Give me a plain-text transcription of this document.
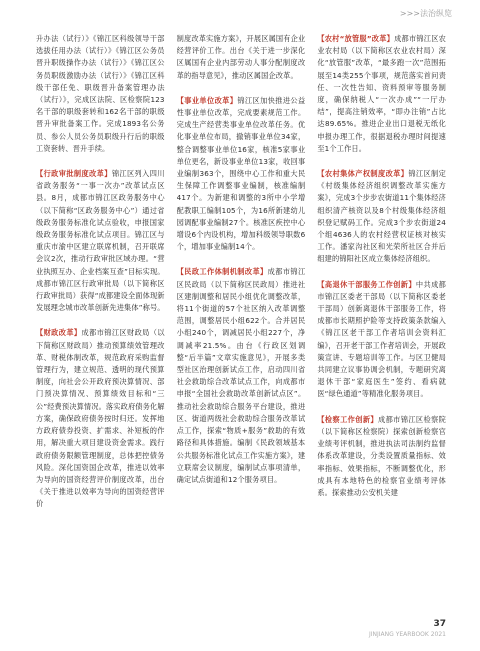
>>>法治纵览

升办法（试行）》《锦江区科级领导干部选拔任用办法（试行）》《锦江区公务员晋升职级操作办法（试行）》《锦江区公务员职级激励办法（试行）》《锦江区科级干部任免、职级晋升备案管理办法（试行）》，完成区法院、区检察院123名干部的职级套转和162名干部的职级晋升审批备案工作。完成1893名公务员、参公人员公务员职级升行后的职级工资套转、晋升手续。

【行政审批制度改革】锦江区列入四川省政务服务“一事一次办”改革试点区县。8月，成都市锦江区政务服务中心（以下简称“区政务服务中心”）通过省级政务服务标准化试点验收，申报国家级政务服务标准化试点项目。锦江区与重庆市渝中区建立联席机制，召开联席会议2次，推动行政审批区域办理。“营业执照互办、企业档案互查”目标实现。成都市锦江区行政审批局（以下简称区行政审批局）获得“成都建设全面体现新发展理念城市改革创新先进集体”称号。

【财政改革】成都市锦江区财政局（以下简称区财政局）推动预算绩效管理改革、财税体制改革，规范政府采购监督管理行为，建立规范、透明的现代预算制度，向社会公开政府预决算情况、部门预决算情况、预算绩效目标和“三公”经费预决算情况。落实政府债务化解方案，确保政府债务按时归还。发挥地方政府债券投资、扩需求、补短板的作用，解决重大项目建设资金需求。践行政府债务限额管理制度，总体把控债务风险。深化国资国企改革，推进以效率为导向的国资经营评价制度改革，出台《关于推进以效率为导向的国资经营评价

制度改革实施方案》，开展区属国有企业经营评价工作。出台《关于进一步深化区属国有企业内部劳动人事分配制度改革的指导意见》，推动区属国企改革。

【事业单位改革】锦江区加快推进公益性事业单位改革，完成要素规范工作。完成生产经营类事业单位改革任务。优化事业单位布局，撤销事业单位34家，整合调整事业单位16家，核准5家事业单位更名，新设事业单位13家，收回事业编制363个，围绕中心工作和重大民生保障工作调整事业编制，核准编制417个。为新建和调整的3所中小学增配教职工编制105个，为16所新建幼儿园调配事业编制27个。核准区疾控中心增设6个内设机构，增加科级领导职数6个，增加事业编制14个。

【民政工作体制机制改革】成都市锦江区民政局（以下简称区民政局）推进社区建制调整和居民小组优化调整改革，将11个街道的57个社区纳入改革调整范围，调整居民小组622个。合并居民小组240个，调减居民小组227个，净调减率21.5%。由台《行政区划调整“后半篇”文章实施意见》，开展多类型社区治理创新试点工作，启动四川省社会救助综合改革试点工作，向成都市申报“全国社会救助改革创新试点区”。推动社会救助综合服务平台建设，推进区、街道两级社会救助综合服务改革试点工作，探索“物质+服务”救助的有效路径和具体措施。编制《民政领域基本公共服务标准化试点工作实施方案》，建立联席会议制度，编制试点事项清单，确定试点街道和12个服务项目。

【农村“放管服”改革】成都市锦江区农业农村局（以下简称区农业农村局）深化“放管服”改革，“最多跑一次”范围拓展至14类255个事项，规范落实首问责任、一次性告知、资料预审等服务制度，确保纳税人“一次办成”“一厅办结”，提高注销效率，“即办注销”占比达89.65%。推进企业出口退税无纸化申报办理工作，很据退税办理时间提速至1个工作日。

【农村集体产权制度改革】锦江区制定《村级集体经济组织调整改革实施方案》，完成3个步步农街道11个集体经济组织清产核资以及8个村级集体经济组织登记赋码工作。完成3个步农街道24个组4636人的农村经营权证核对核实工作。潘家沟社区和光荣所社区合并后组建的锦阳社区成立集体经济组织。

【高退休干部服务工作创新】中共成都市锦江区委老干部局（以下简称区委老干部局）创新离退休干部服务工作，将成都市长期照护险等支持政策条款编入《锦江区老干部工作者培训会资料汇编》，召开老干部工作者培训会，开展政策宣讲、专题培训等工作。与区卫健局共同建立议事协调会机制，专题研究离退休干部“家庭医生”签约、看病就医“绿色通道”等精准化服务项目。

【检察工作创新】成都市锦江区检察院（以下简称区检察院）探索创新检察官业绩考评机制，推进执法司法制约监督体系改革建设，分类设置质量指标、效率指标、效果指标，不断调整优化，形成具有本地特色的检察官业绩考评体系。探索推动公安机关建

37
JINJIANG YEARBOOK 2021
